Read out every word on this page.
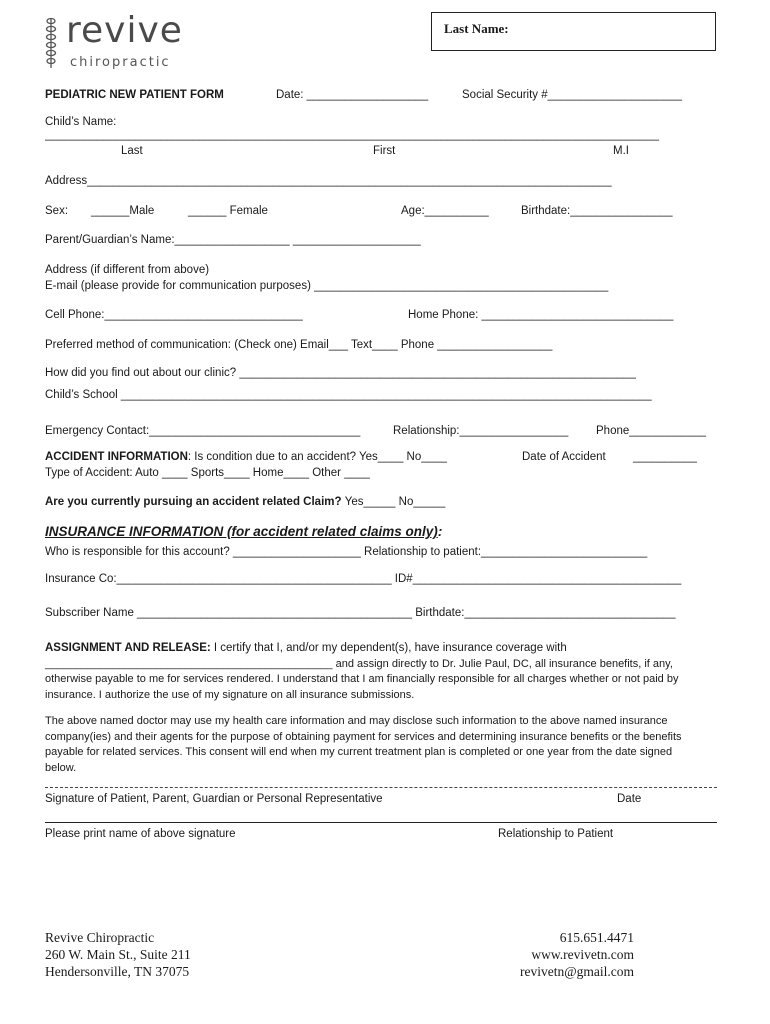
revive
chiropractic
Last Name:
PEDIATRIC NEW PATIENT FORM	Date: ___________________	Social Security #_____________________
Child’s Name:
________________________________________________________________________________________________
Last	First	M.I
Address__________________________________________________________________________________
Sex: ______Male	______ Female	Age:__________	Birthdate:________________
Parent/Guardian’s Name:__________________ ____________________
Address (if different from above)
E-mail (please provide for communication purposes) ______________________________________________
Cell Phone:_______________________________	Home Phone: ______________________________
Preferred method of communication: (Check one) Email___ Text____ Phone __________________
How did you find out about our clinic? ______________________________________________________________
Child’s School ___________________________________________________________________________________
Emergency Contact:_________________________________	Relationship:_________________ Phone____________
ACCIDENT INFORMATION: Is condition due to an accident? Yes____ No____	Date of Accident __________
Type of Accident: Auto ____ Sports____ Home____ Other ____
Are you currently pursuing an accident related Claim? Yes_____ No_____
INSURANCE INFORMATION (for accident related claims only):
Who is responsible for this account? ____________________ Relationship to patient:__________________________
Insurance Co:___________________________________________ ID#__________________________________________
Subscriber Name ___________________________________________ Birthdate:_________________________________
ASSIGNMENT AND RELEASE: I certify that I, and/or my dependent(s), have insurance coverage with
_______________________________________________ and assign directly to Dr. Julie Paul, DC, all insurance benefits, if any,
otherwise payable to me for services rendered. I understand that I am financially responsible for all charges whether or not paid by
insurance. I authorize the use of my signature on all insurance submissions.
The above named doctor may use my health care information and may disclose such information to the above named insurance
company(ies) and their agents for the purpose of obtaining payment for services and determining insurance benefits or the benefits
payable for related services. This consent will end when my current treatment plan is completed or one year from the date signed
below.
Signature of Patient, Parent, Guardian or Personal Representative	Date
Please print name of above signature	Relationship to Patient
Revive Chiropractic
260 W. Main St., Suite 211
Hendersonville, TN 37075
615.651.4471
www.revivetn.com
revivetn@gmail.com
